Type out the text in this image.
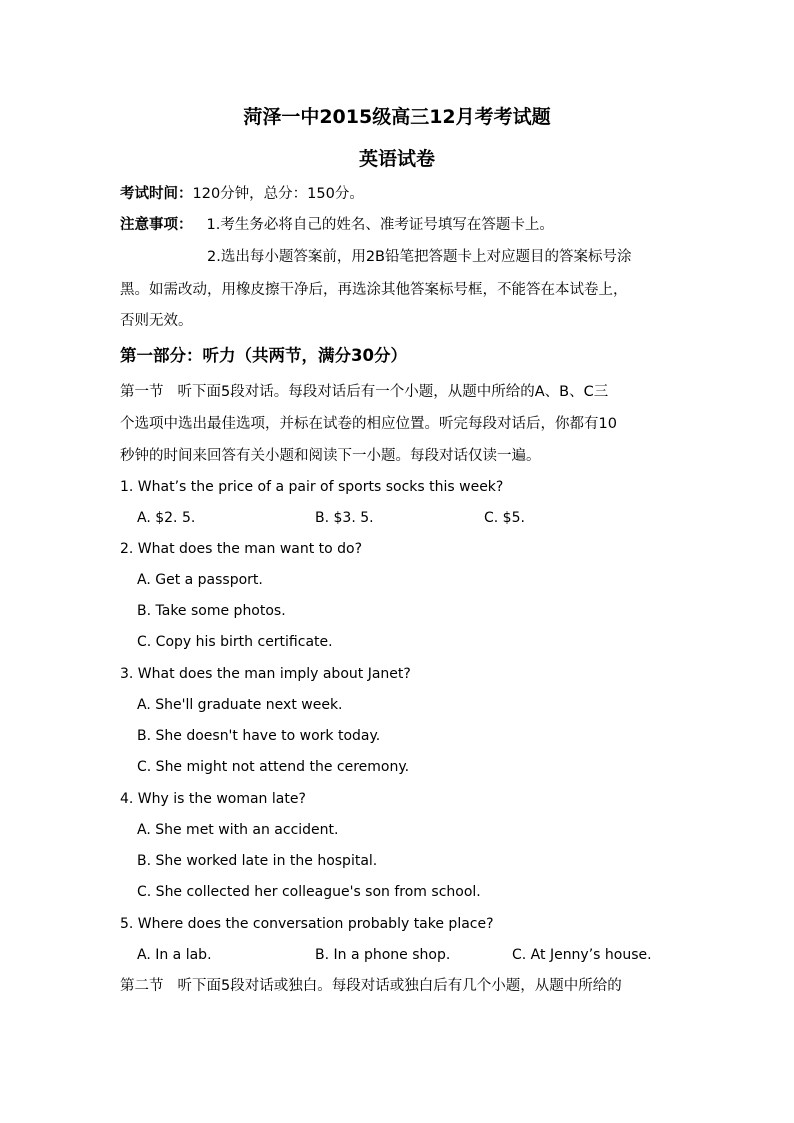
菏泽一中2015级高三12月考考试题
英语试卷
考试时间：120分钟，总分：150分。
注意事项： 1.考生务必将自己的姓名、准考证号填写在答题卡上。
2.选出每小题答案前，用2B铅笔把答题卡上对应题目的答案标号涂
黑。如需改动，用橡皮擦干净后，再选涂其他答案标号框，不能答在本试卷上，
否则无效。
第一部分：听力（共两节，满分30分）
第一节 听下面5段对话。每段对话后有一个小题，从题中所给的A、B、C三
个选项中选出最佳选项，并标在试卷的相应位置。听完每段对话后，你都有10
秒钟的时间来回答有关小题和阅读下一小题。每段对话仅读一遍。
1. What’s the price of a pair of sports socks this week?
A. $2. 5.	B. $3. 5.	C. $5.
2. What does the man want to do?
A. Get a passport.
B. Take some photos.
C. Copy his birth certificate.
3. What does the man imply about Janet?
A. She'll graduate next week.
B. She doesn't have to work today.
C. She might not attend the ceremony.
4. Why is the woman late?
A. She met with an accident.
B. She worked late in the hospital.
C. She collected her colleague's son from school.
5. Where does the conversation probably take place?
A. In a lab.	B. In a phone shop.	C. At Jenny’s house.
第二节 听下面5段对话或独白。每段对话或独白后有几个小题，从题中所给的
